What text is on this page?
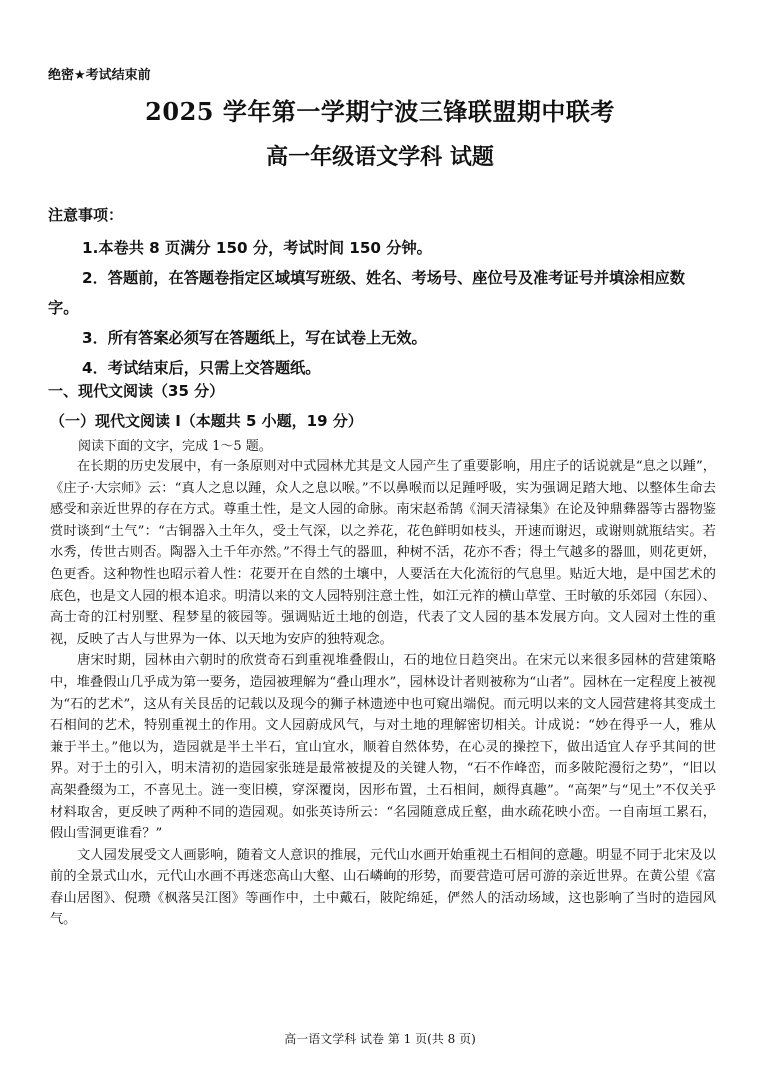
绝密★考试结束前
2025 学年第一学期宁波三锋联盟期中联考
高一年级语文学科 试题
注意事项：
1.本卷共 8 页满分 150 分，考试时间 150 分钟。
2．答题前，在答题卷指定区域填写班级、姓名、考场号、座位号及准考证号并填涂相应数字。
3．所有答案必须写在答题纸上，写在试卷上无效。
4．考试结束后，只需上交答题纸。
一、现代文阅读（35 分）
（一）现代文阅读 I（本题共 5 小题，19 分）
阅读下面的文字，完成 1～5 题。

在长期的历史发展中，有一条原则对中式园林尤其是文人园产生了重要影响，用庄子的话说就是“息之以踵”，《庄子·大宗师》云：“真人之息以踵，众人之息以喉。”不以鼻喉而以足踵呼吸，实为强调足踏大地、以整体生命去感受和亲近世界的存在方式。尊重土性，是文人园的命脉。南宋赵希鹄《洞天清禄集》在论及钟鼎彝器等古器物鉴赏时谈到“土气”：“古铜器入土年久，受土气深，以之养花，花色鲜明如枝头，开速而谢迟，或谢则就瓶结实。若水秀，传世古则否。陶器入土千年亦然。”不得土气的器皿，种树不活，花亦不香；得土气越多的器皿，则花更妍，色更香。这种物性也昭示着人性：花要开在自然的土壤中，人要活在大化流衍的气息里。贴近大地，是中国艺术的底色，也是文人园的根本追求。明清以来的文人园特别注意土性，如江元祚的横山草堂、王时敏的乐郊园（东园）、高士奇的江村别墅、程梦星的筱园等。强调贴近土地的创造，代表了文人园的基本发展方向。文人园对土性的重视，反映了古人与世界为一体、以天地为安庐的独特观念。

唐宋时期，园林由六朝时的欣赏奇石到重视堆叠假山，石的地位日趋突出。在宋元以来很多园林的营建策略中，堆叠假山几乎成为第一要务，造园被理解为“叠山理水”，园林设计者则被称为“山者”。园林在一定程度上被视为“石的艺术”，这从有关艮岳的记载以及现今的狮子林遗迹中也可窥出端倪。而元明以来的文人园营建将其变成土石相间的艺术，特别重视土的作用。文人园蔚成风气，与对土地的理解密切相关。计成说：“妙在得乎一人，雅从兼于半土。”他以为，造园就是半土半石，宜山宜水，顺着自然体势，在心灵的操控下，做出适宜人存乎其间的世界。对于土的引入，明末清初的造园家张琏是最常被提及的关键人物，“石不作峰峦，而多陂陀漫衍之势”，“旧以高架叠缀为工，不喜见土。涟一变旧模，穿深覆岗，因形布置，土石相间，颇得真趣”。“高架”与“见土”不仅关乎材料取舍，更反映了两种不同的造园观。如张英诗所云：“名园随意成丘壑，曲水疏花映小峦。一自南垣工累石，假山雪洞更谁看？”

文人园发展受文人画影响，随着文人意识的推展，元代山水画开始重视土石相间的意趣。明显不同于北宋及以前的全景式山水，元代山水画不再迷恋高山大壑、山石嶙峋的形势，而要营造可居可游的亲近世界。在黄公望《富春山居图》、倪瓒《枫落吴江图》等画作中，土中戴石，陂陀绵延，俨然人的活动场域，这也影响了当时的造园风气。

高一语文学科 试卷 第 1 页(共 8 页)
